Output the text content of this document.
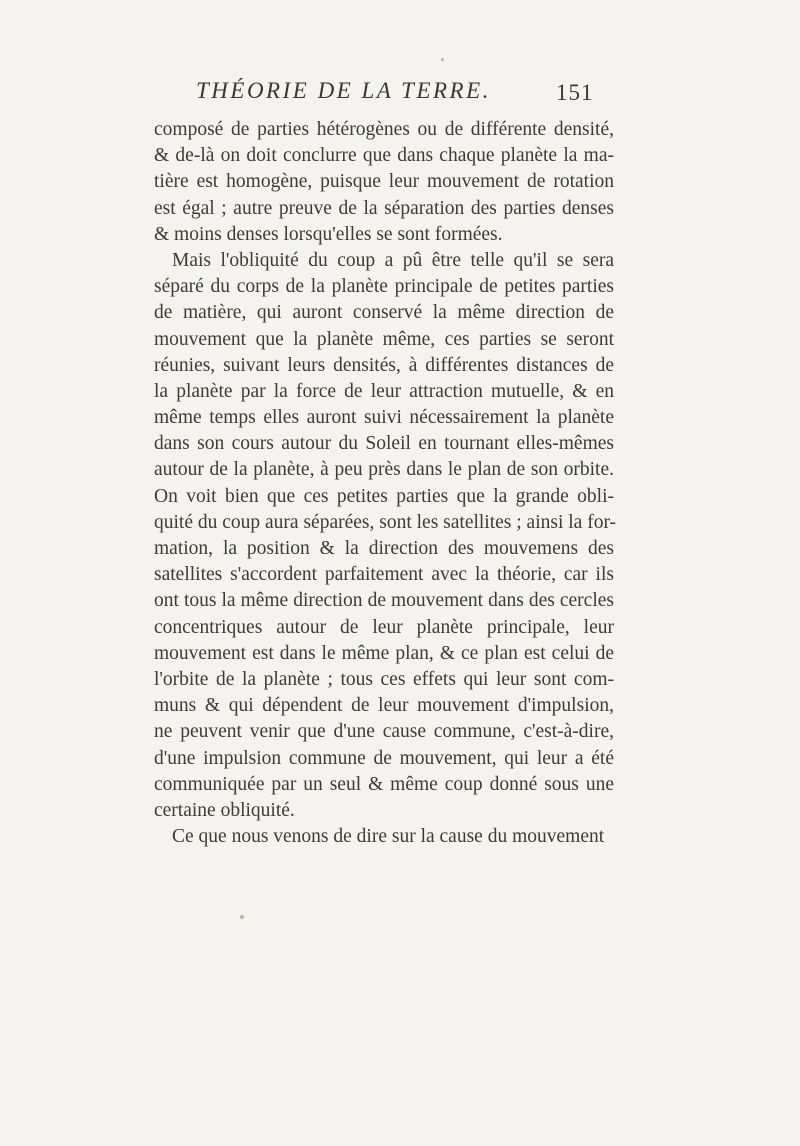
THÉORIE DE LA TERRE.	151
composé de parties hétérogènes ou de différente densité,
& de-là on doit conclurre que dans chaque planète la ma-
tière est homogène, puisque leur mouvement de rotation
est égal ; autre preuve de la séparation des parties denses
& moins denses lorsqu'elles se sont formées.
Mais l'obliquité du coup a pû être telle qu'il se sera
séparé du corps de la planète principale de petites parties
de matière, qui auront conservé la même direction de
mouvement que la planète même, ces parties se seront
réunies, suivant leurs densités, à différentes distances de
la planète par la force de leur attraction mutuelle, & en
même temps elles auront suivi nécessairement la planète
dans son cours autour du Soleil en tournant elles-mêmes
autour de la planète, à peu près dans le plan de son orbite.
On voit bien que ces petites parties que la grande obli-
quité du coup aura séparées, sont les satellites ; ainsi la for-
mation, la position & la direction des mouvemens des
satellites s'accordent parfaitement avec la théorie, car ils
ont tous la même direction de mouvement dans des cercles
concentriques autour de leur planète principale, leur
mouvement est dans le même plan, & ce plan est celui de
l'orbite de la planète ; tous ces effets qui leur sont com-
muns & qui dépendent de leur mouvement d'impulsion,
ne peuvent venir que d'une cause commune, c'est-à-dire,
d'une impulsion commune de mouvement, qui leur a été
communiquée par un seul & même coup donné sous une
certaine obliquité.
Ce que nous venons de dire sur la cause du mouvement
